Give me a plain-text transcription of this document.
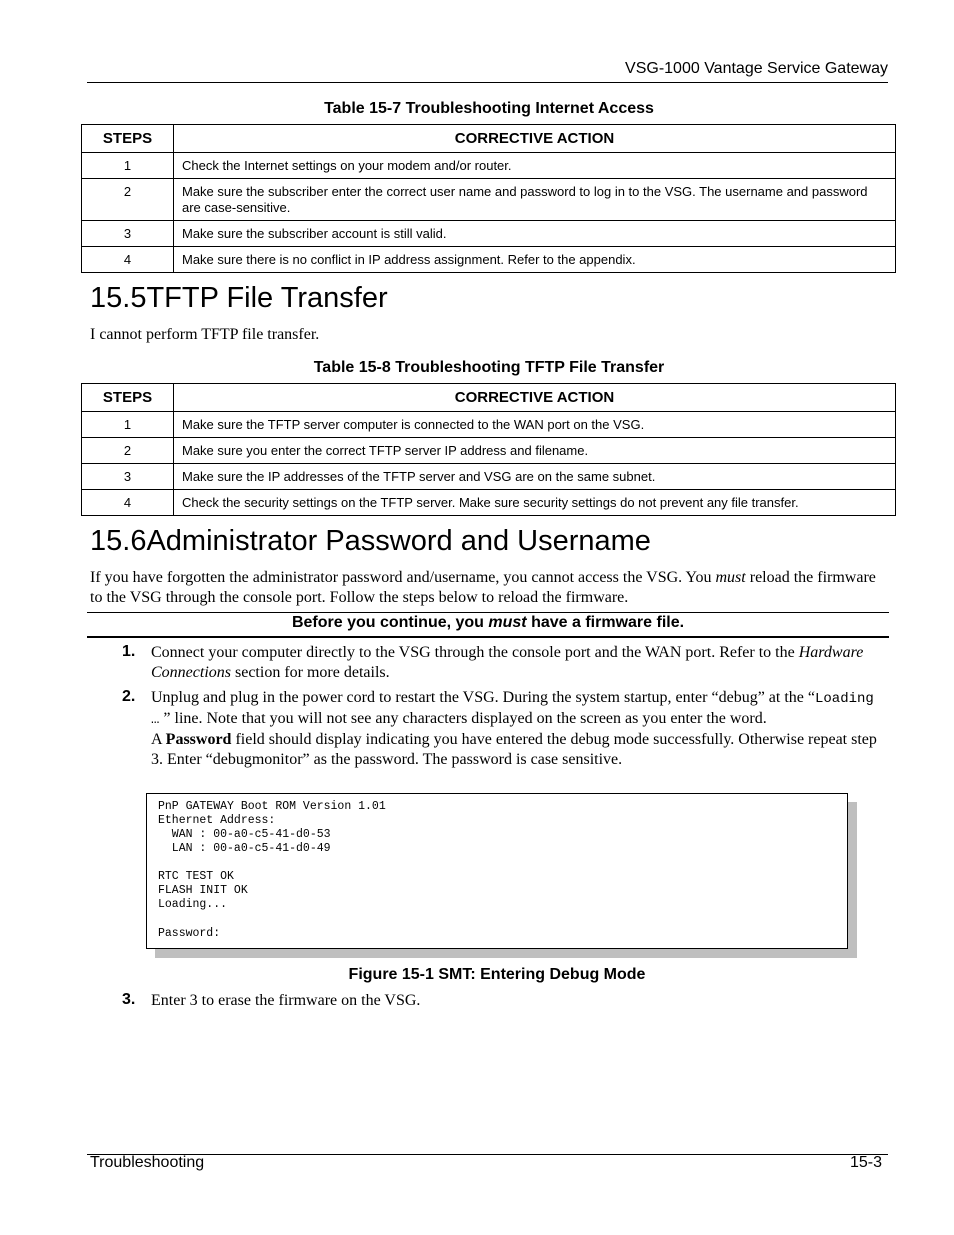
VSG-1000 Vantage Service Gateway
Table 15-7 Troubleshooting Internet Access
STEPS	CORRECTIVE ACTION
1	Check the Internet settings on your modem and/or router.
2	Make sure the subscriber enter the correct user name and password to log in to the VSG. The username and password are case-sensitive.
3	Make sure the subscriber account is still valid.
4	Make sure there is no conflict in IP address assignment. Refer to the appendix.
15.5TFTP File Transfer
I cannot perform TFTP file transfer.
Table 15-8 Troubleshooting TFTP File Transfer
STEPS	CORRECTIVE ACTION
1	Make sure the TFTP server computer is connected to the WAN port on the VSG.
2	Make sure you enter the correct TFTP server IP address and filename.
3	Make sure the IP addresses of the TFTP server and VSG are on the same subnet.
4	Check the security settings on the TFTP server. Make sure security settings do not prevent any file transfer.
15.6Administrator Password and Username
If you have forgotten the administrator password and/username, you cannot access the VSG. You must reload the firmware to the VSG through the console port. Follow the steps below to reload the firmware.
Before you continue, you must have a firmware file.
1. Connect your computer directly to the VSG through the console port and the WAN port. Refer to the Hardware Connections section for more details.
2. Unplug and plug in the power cord to restart the VSG. During the system startup, enter “debug” at the “Loading … ” line. Note that you will not see any characters displayed on the screen as you enter the word.
A Password field should display indicating you have entered the debug mode successfully. Otherwise repeat step 3. Enter “debugmonitor” as the password. The password is case sensitive.
PnP GATEWAY Boot ROM Version 1.01
Ethernet Address:
WAN : 00-a0-c5-41-d0-53
LAN : 00-a0-c5-41-d0-49
RTC TEST OK
FLASH INIT OK
Loading...
Password:
Figure 15-1 SMT: Entering Debug Mode
3. Enter 3 to erase the firmware on the VSG.
Troubleshooting	15-3
